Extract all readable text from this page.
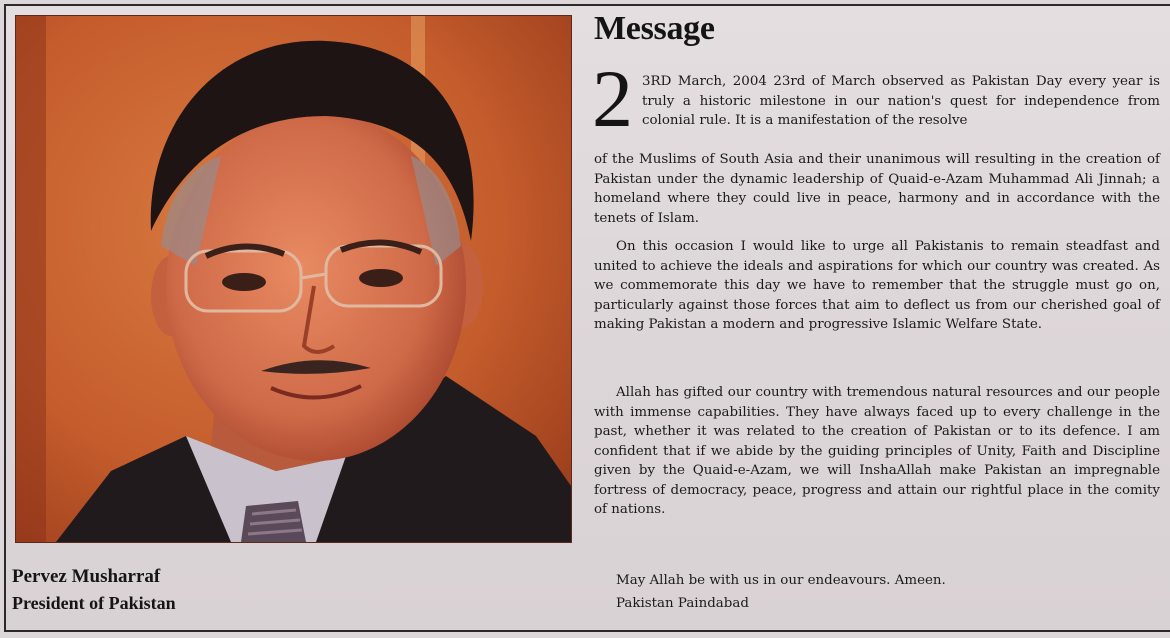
Pervez Musharraf

President of Pakistan

Message
2 3RD March, 2004 23rd of March observed as Pakistan Day every year is truly a historic milestone in our nation's quest for independence from colonial rule. It is a manifestation of the resolve

of the Muslims of South Asia and their unanimous will resulting in the creation of Pakistan under the dynamic leadership of Quaid-e-Azam Muhammad Ali Jinnah; a homeland where they could live in peace, harmony and in accordance with the tenets of Islam.

On this occasion I would like to urge all Pakistanis to remain steadfast and united to achieve the ideals and aspirations for which our country was created. As we commemorate this day we have to remember that the struggle must go on, particularly against those forces that aim to deflect us from our cherished goal of making Pakistan a modern and progressive Islamic Welfare State.

Allah has gifted our country with tremendous natural resources and our people with immense capabilities. They have always faced up to every challenge in the past, whether it was related to the creation of Pakistan or to its defence. I am confident that if we abide by the guiding principles of Unity, Faith and Discipline given by the Quaid-e-Azam, we will InshaAllah make Pakistan an impregnable fortress of democracy, peace, progress and attain our rightful place in the comity of nations.

May Allah be with us in our endeavours. Ameen.

Pakistan Paindabad
